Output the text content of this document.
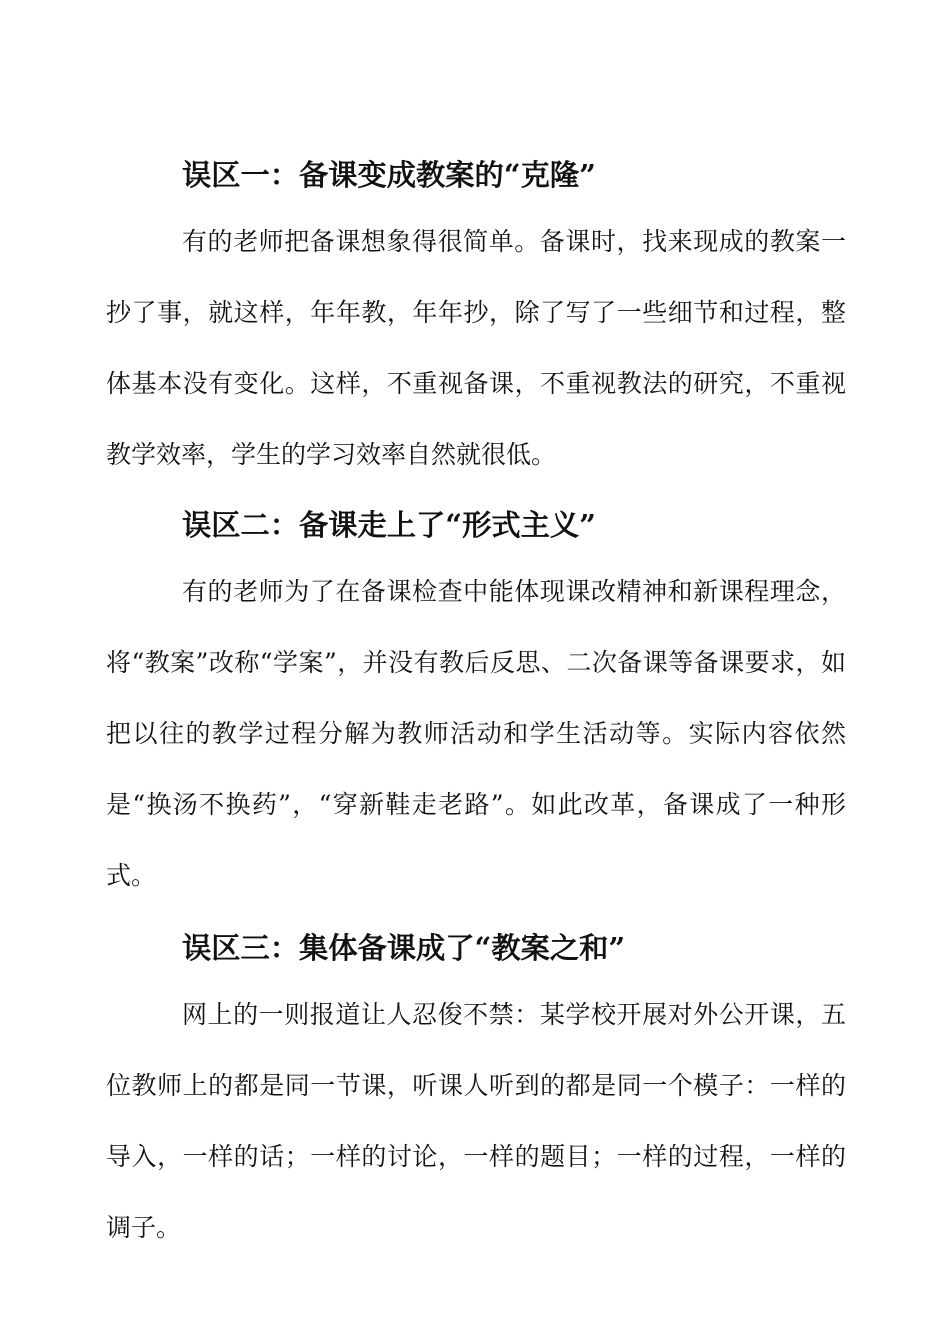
误区一：备课变成教案的“克隆”

有的老师把备课想象得很简单。备课时，找来现成的教案一抄了事，就这样，年年教，年年抄，除了写了一些细节和过程，整体基本没有变化。这样，不重视备课，不重视教法的研究，不重视教学效率，学生的学习效率自然就很低。

误区二：备课走上了“形式主义”

有的老师为了在备课检查中能体现课改精神和新课程理念，将“教案”改称“学案”，并没有教后反思、二次备课等备课要求，如把以往的教学过程分解为教师活动和学生活动等。实际内容依然是“换汤不换药”，“穿新鞋走老路”。如此改革，备课成了一种形式。

误区三：集体备课成了“教案之和”

网上的一则报道让人忍俊不禁：某学校开展对外公开课，五位教师上的都是同一节课，听课人听到的都是同一个模子：一样的导入，一样的话；一样的讨论，一样的题目；一样的过程，一样的调子。
